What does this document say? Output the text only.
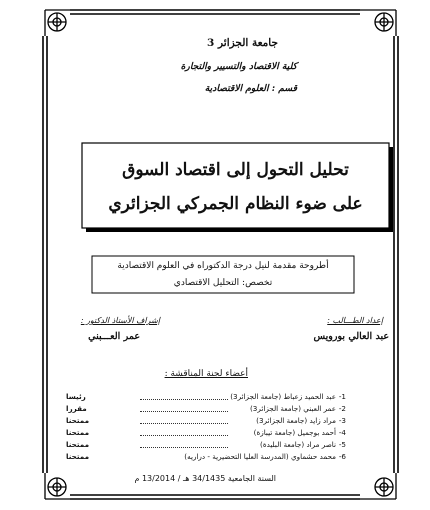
جامعة الجزائر 3
كلية الاقتصاد والتسيير والتجارة
قسم : العلوم الاقتصادية
تحليل التحول إلى اقتصاد السوق
على ضوء النظام الجمركي الجزائري
أطروحة مقدمة لنيل درجة الدكتوراه في العلوم الاقتصادية
تخصص: التحليل الاقتصادي
إعداد الطـــالب :
عبد العالي بورويس
إشراف الأستاذ الدكتور :
عمر العـــبني
أعضاء لجنة المناقشة :
1-
عبد الحميد زعباط (جامعة الجزائر3)
رئيسا
2-
عمر العبني (جامعة الجزائر3)
مقررا
3-
مراد زايد (جامعة الجزائر3)
ممتحنا
4-
أحمد بوجميل (جامعة تيبازة)
ممتحنا
5-
ناصر مراد (جامعة البليدة)
ممتحنا
6-
محمد حشماوي (المدرسة العليا التحضيرية - دراريه)
ممتحنا
السنة الجامعية 34/1435 هـ / 13/2014 م
